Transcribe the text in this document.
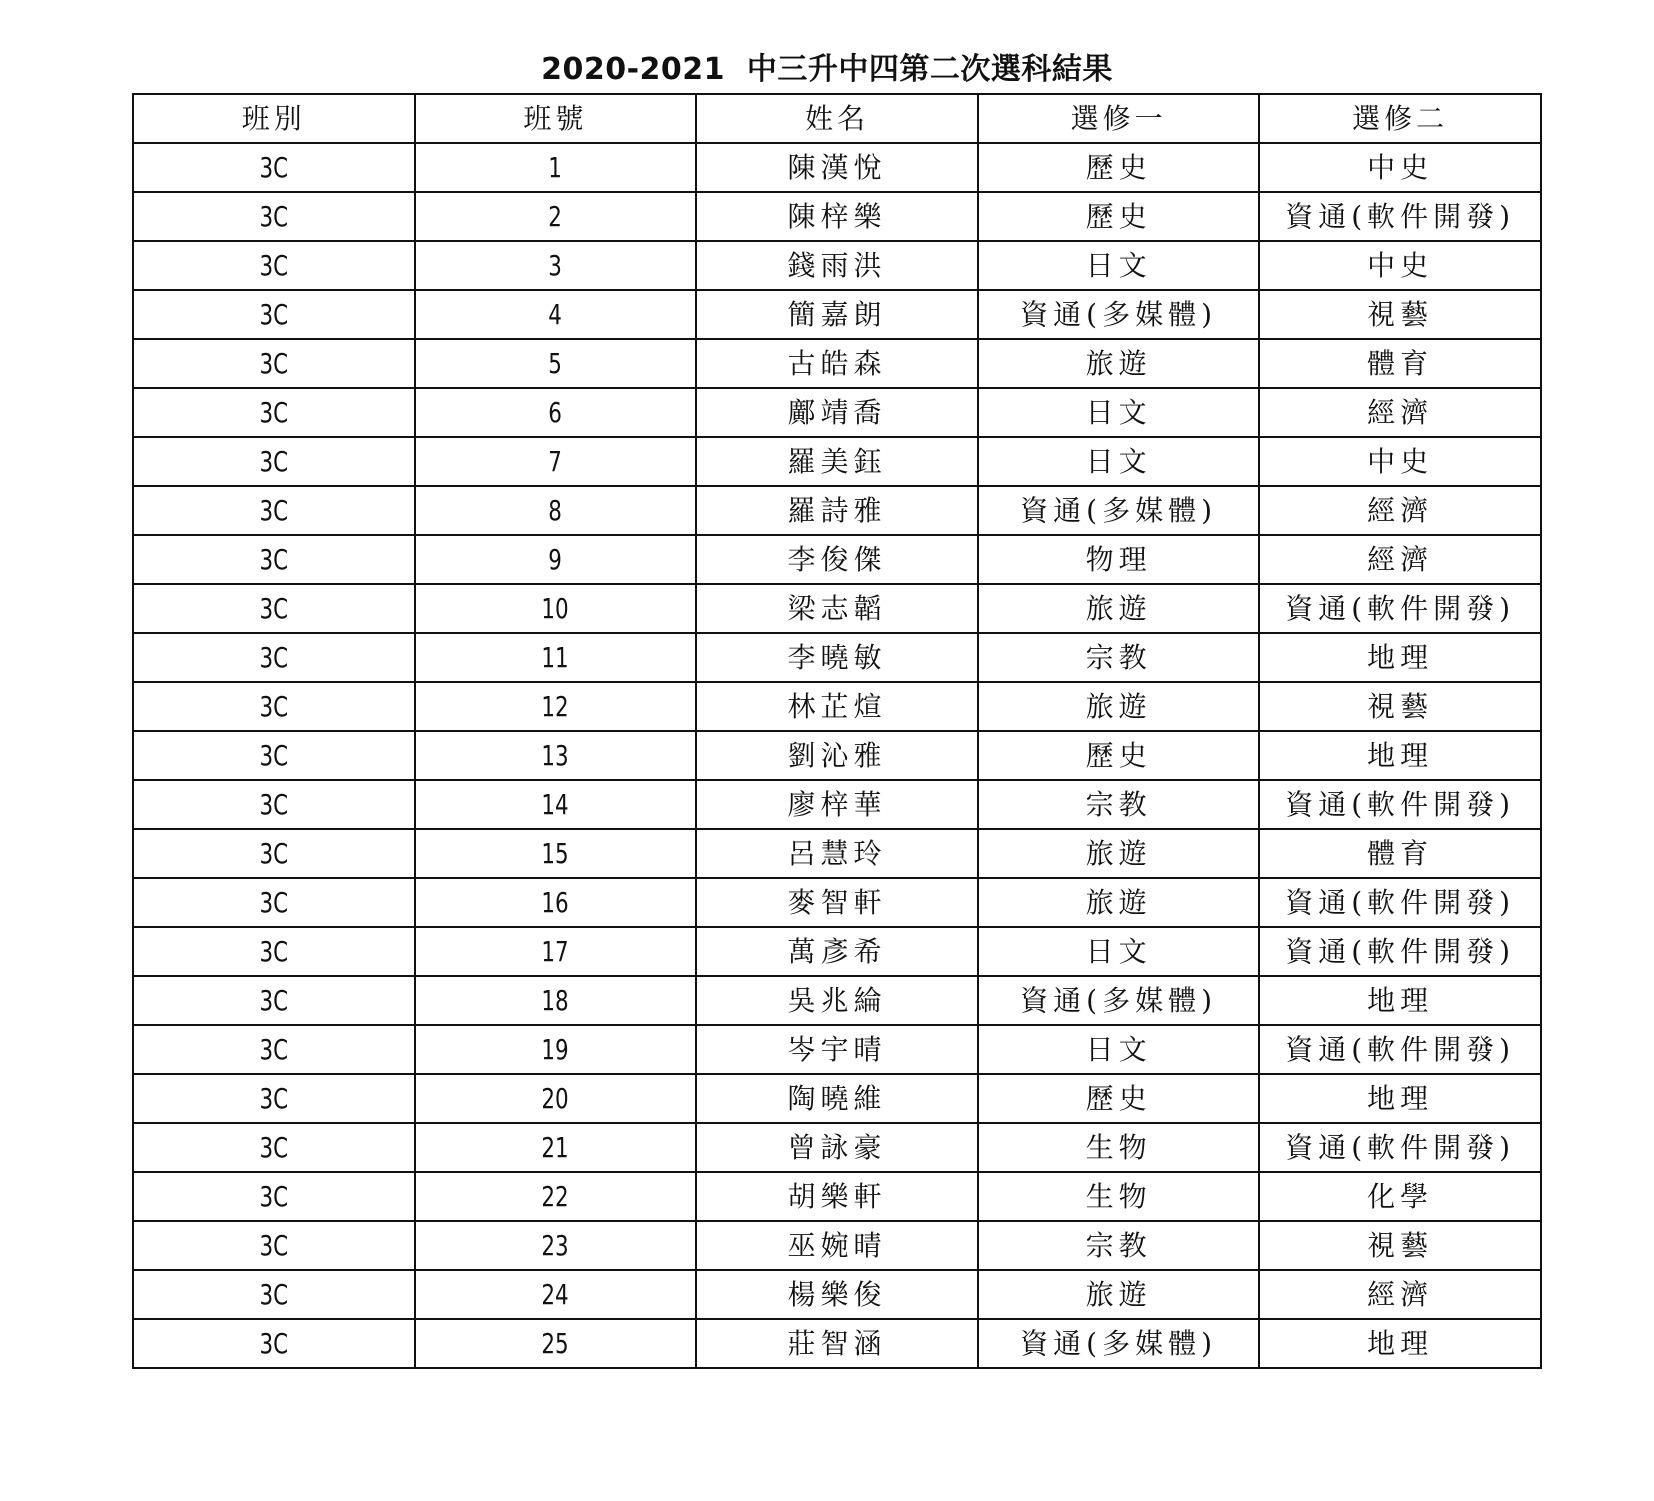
2020-2021  中三升中四第二次選科結果
班別	班號	姓名	選修一	選修二
3C	1	陳漢悅	歷史	中史
3C	2	陳梓樂	歷史	資通(軟件開發)
3C	3	錢雨洪	日文	中史
3C	4	簡嘉朗	資通(多媒體)	視藝
3C	5	古皓森	旅遊	體育
3C	6	鄺靖喬	日文	經濟
3C	7	羅美鈺	日文	中史
3C	8	羅詩雅	資通(多媒體)	經濟
3C	9	李俊傑	物理	經濟
3C	10	梁志韜	旅遊	資通(軟件開發)
3C	11	李曉敏	宗教	地理
3C	12	林芷煊	旅遊	視藝
3C	13	劉沁雅	歷史	地理
3C	14	廖梓華	宗教	資通(軟件開發)
3C	15	呂慧玲	旅遊	體育
3C	16	麥智軒	旅遊	資通(軟件開發)
3C	17	萬彥希	日文	資通(軟件開發)
3C	18	吳兆綸	資通(多媒體)	地理
3C	19	岑宇晴	日文	資通(軟件開發)
3C	20	陶曉維	歷史	地理
3C	21	曾詠豪	生物	資通(軟件開發)
3C	22	胡樂軒	生物	化學
3C	23	巫婉晴	宗教	視藝
3C	24	楊樂俊	旅遊	經濟
3C	25	莊智涵	資通(多媒體)	地理
